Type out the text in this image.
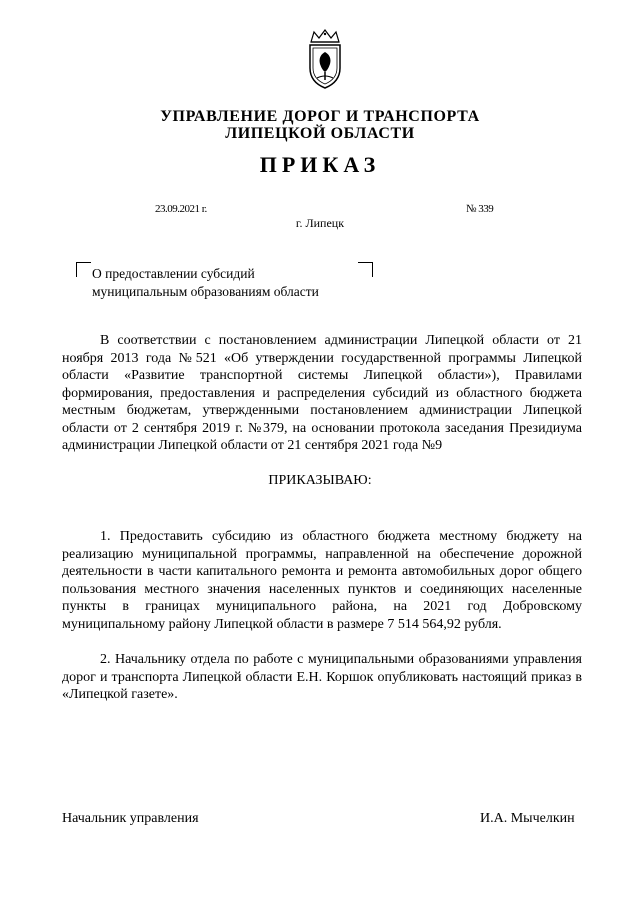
УПРАВЛЕНИЕ ДОРОГ И ТРАНСПОРТА
ЛИПЕЦКОЙ ОБЛАСТИ
ПРИКАЗ
23.09.2021 г.	№ 339
г. Липецк
О предоставлении субсидий
муниципальным образованиям области

В соответствии с постановлением администрации Липецкой области от 21 ноября 2013 года №521 «Об утверждении государственной программы Липецкой области «Развитие транспортной системы Липецкой области»), Правилами формирования, предоставления и распределения субсидий из областного бюджета местным бюджетам, утвержденными постановлением администрации Липецкой области от 2 сентября 2019 г. №379, на основании протокола заседания Президиума администрации Липецкой области от 21 сентября 2021 года №9

ПРИКАЗЫВАЮ:

1. Предоставить субсидию из областного бюджета местному бюджету на реализацию муниципальной программы, направленной на обеспечение дорожной деятельности в части капитального ремонта и ремонта автомобильных дорог общего пользования местного значения населенных пунктов и соединяющих населенные пункты в границах муниципального района, на 2021 год Добровскому муниципальному району Липецкой области в размере 7 514 564,92 рубля.

2. Начальнику отдела по работе с муниципальными образованиями управления дорог и транспорта Липецкой области Е.Н. Коршок опубликовать настоящий приказ в «Липецкой газете».

Начальник управления	И.А. Мычелкин
